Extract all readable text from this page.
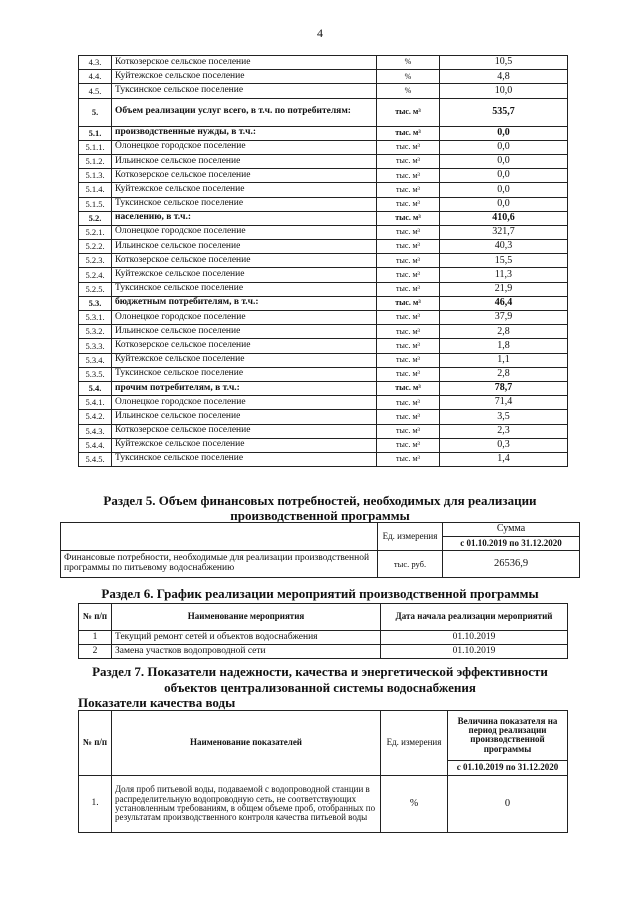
4
4.3.	Коткозерское сельское поселение	%	10,5
4.4.	Куйтежское сельское поселение	%	4,8
4.5.	Туксинское сельское поселение	%	10,0
5.	Объем реализации услуг всего, в т.ч. по потребителям:	тыс. м³	535,7
5.1.	производственные нужды, в т.ч.:	тыс. м³	0,0
5.1.1.	Олонецкое городское поселение	тыс. м³	0,0
5.1.2.	Ильинское сельское поселение	тыс. м³	0,0
5.1.3.	Коткозерское сельское поселение	тыс. м³	0,0
5.1.4.	Куйтежское сельское поселение	тыс. м³	0,0
5.1.5.	Туксинское сельское поселение	тыс. м³	0,0
5.2.	населению, в т.ч.:	тыс. м³	410,6
5.2.1.	Олонецкое городское поселение	тыс. м³	321,7
5.2.2.	Ильинское сельское поселение	тыс. м³	40,3
5.2.3.	Коткозерское сельское поселение	тыс. м³	15,5
5.2.4.	Куйтежское сельское поселение	тыс. м³	11,3
5.2.5.	Туксинское сельское поселение	тыс. м³	21,9
5.3.	бюджетным потребителям, в т.ч.:	тыс. м³	46,4
5.3.1.	Олонецкое городское поселение	тыс. м³	37,9
5.3.2.	Ильинское сельское поселение	тыс. м³	2,8
5.3.3.	Коткозерское сельское поселение	тыс. м³	1,8
5.3.4.	Куйтежское сельское поселение	тыс. м³	1,1
5.3.5.	Туксинское сельское поселение	тыс. м³	2,8
5.4.	прочим потребителям, в т.ч.:	тыс. м³	78,7
5.4.1.	Олонецкое городское поселение	тыс. м³	71,4
5.4.2.	Ильинское сельское поселение	тыс. м³	3,5
5.4.3.	Коткозерское сельское поселение	тыс. м³	2,3
5.4.4.	Куйтежское сельское поселение	тыс. м³	0,3
5.4.5.	Туксинское сельское поселение	тыс. м³	1,4
Раздел 5. Объем финансовых потребностей, необходимых для реализации
производственной программы
	Ед. измерения	Сумма
		с 01.10.2019 по 31.12.2020
Финансовые потребности, необходимые для реализации производственной программы по питьевому водоснабжению	тыс. руб.	26536,9
Раздел 6. График реализации мероприятий производственной программы
№ п/п	Наименование мероприятия	Дата начала реализации мероприятий
1	Текущий ремонт сетей и объектов водоснабжения	01.10.2019
2	Замена участков водопроводной сети	01.10.2019
Раздел 7. Показатели надежности, качества и энергетической эффективности
объектов централизованной системы водоснабжения
Показатели качества воды
№ п/п	Наименование показателей	Ед. измерения	Величина показателя на период реализации производственной программы
			с 01.10.2019 по 31.12.2020
1.	Доля проб питьевой воды, подаваемой с водопроводной станции в распределительную водопроводную сеть, не соответствующих установленным требованиям, в общем объеме проб, отобранных по результатам производственного контроля качества питьевой воды	%	0
